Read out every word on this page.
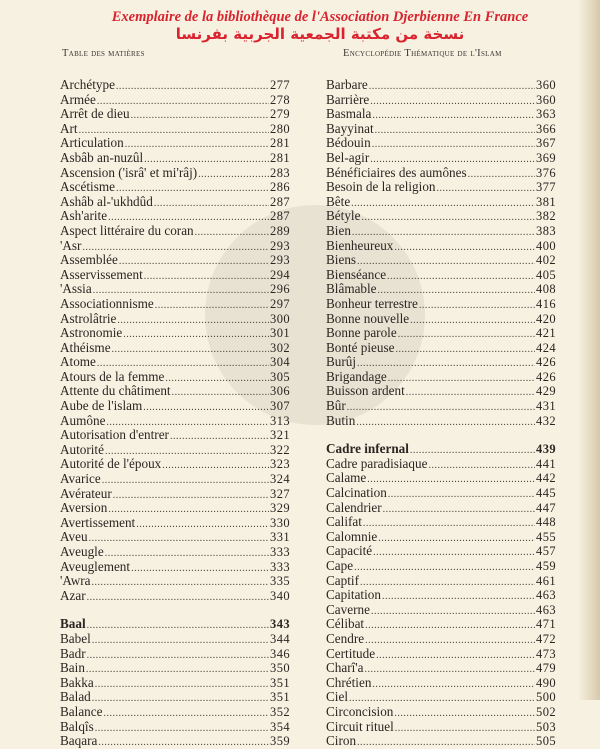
Exemplaire de la bibliothèque de l'Association Djerbienne En France
نسخة من مكتبة الجمعية الجربية بفرنسا
Table des matières	Encyclopédie Thématique de l'Islam
Archétype .....	277
Armée .....	278
Arrêt de dieu .....	279
Art .....	280
Articulation .....	281
Asbâb an-nuzûl .....	281
Ascension ('isrâ' et mi'râj) .....	283
Ascétisme .....	286
Ashâb al-'ukhdûd .....	287
Ash'arite .....	287
Aspect littéraire du coran .....	289
'Asr .....	293
Assemblée .....	293
Asservissement .....	294
'Assia .....	296
Associationnisme .....	297
Astrolâtrie .....	300
Astronomie .....	301
Athéisme .....	302
Atome .....	304
Atours de la femme .....	305
Attente du châtiment .....	306
Aube de l'islam .....	307
Aumône .....	313
Autorisation d'entrer .....	321
Autorité .....	322
Autorité de l'époux .....	323
Avarice .....	324
Avérateur .....	327
Aversion .....	329
Avertissement .....	330
Aveu .....	331
Aveugle .....	333
Aveuglement .....	333
'Awra .....	335
Azar .....	340
Baal .....	343
Babel .....	344
Badr .....	346
Bain .....	350
Bakka .....	351
Balad .....	351
Balance .....	352
Balqîs .....	354
Baqara .....	359
Barbare .....	360
Barrière .....	360
Basmala .....	363
Bayyinat .....	366
Bédouin .....	367
Bel-agir .....	369
Bénéficiaires des aumônes .....	376
Besoin de la religion .....	377
Bête .....	381
Bétyle .....	382
Bien .....	383
Bienheureux .....	400
Biens .....	402
Bienséance .....	405
Blâmable .....	408
Bonheur terrestre .....	416
Bonne nouvelle .....	420
Bonne parole .....	421
Bonté pieuse .....	424
Burûj .....	426
Brigandage .....	426
Buisson ardent .....	429
Bûr .....	431
Butin .....	432
Cadre infernal .....	439
Cadre paradisiaque .....	441
Calame .....	442
Calcination .....	445
Calendrier .....	447
Califat .....	448
Calomnie .....	455
Capacité .....	457
Cape .....	459
Captif .....	461
Capitation .....	463
Caverne .....	463
Célibat .....	471
Cendre .....	472
Certitude .....	473
Charî'a .....	479
Chrétien .....	490
Ciel .....	500
Circoncision .....	502
Circuit rituel .....	503
Ciron .....	505
